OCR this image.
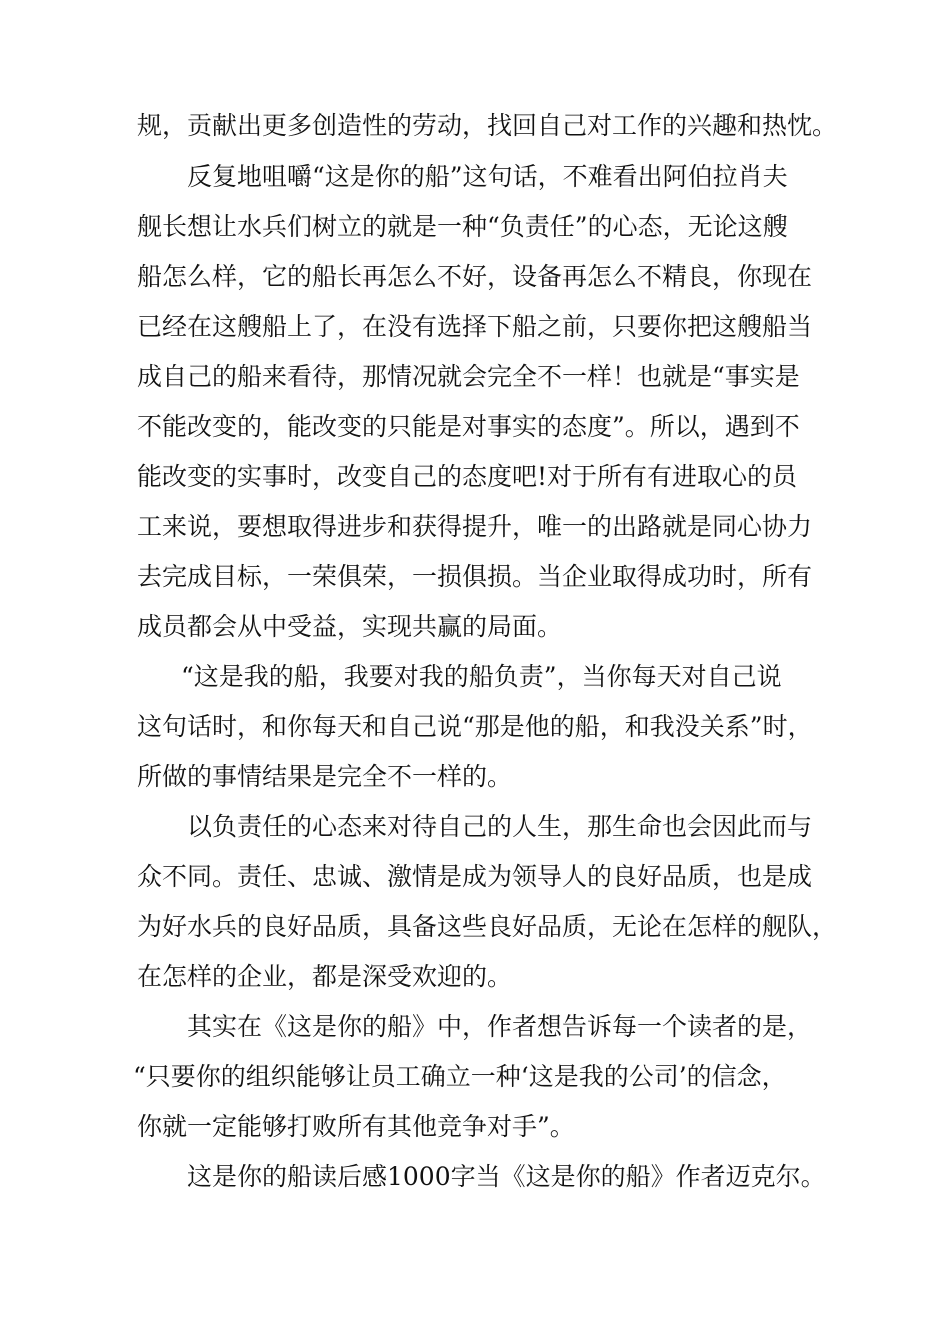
规，贡献出更多创造性的劳动，找回自己对工作的兴趣和热忱。
反复地咀嚼“这是你的船”这句话，不难看出阿伯拉肖夫
舰长想让水兵们树立的就是一种“负责任”的心态，无论这艘
船怎么样，它的船长再怎么不好，设备再怎么不精良，你现在
已经在这艘船上了，在没有选择下船之前，只要你把这艘船当
成自己的船来看待，那情况就会完全不一样！也就是“事实是
不能改变的，能改变的只能是对事实的态度”。所以，遇到不
能改变的实事时，改变自己的态度吧!对于所有有进取心的员
工来说，要想取得进步和获得提升，唯一的出路就是同心协力
去完成目标，一荣俱荣，一损俱损。当企业取得成功时，所有
成员都会从中受益，实现共赢的局面。
“这是我的船，我要对我的船负责”，当你每天对自己说
这句话时，和你每天和自己说“那是他的船，和我没关系”时，
所做的事情结果是完全不一样的。
以负责任的心态来对待自己的人生，那生命也会因此而与
众不同。责任、忠诚、激情是成为领导人的良好品质，也是成
为好水兵的良好品质，具备这些良好品质，无论在怎样的舰队，
在怎样的企业，都是深受欢迎的。
其实在《这是你的船》中，作者想告诉每一个读者的是，
“只要你的组织能够让员工确立一种‘这是我的公司’的信念，
你就一定能够打败所有其他竞争对手”。
这是你的船读后感1000字当《这是你的船》作者迈克尔。
